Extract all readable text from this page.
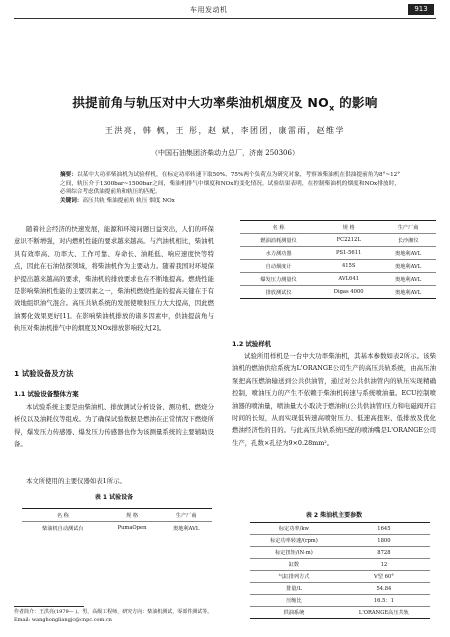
车用发动机	913
拱提前角与轨压对中大功率柴油机烟度及 $NO_x$ 的影响
王洪亮，韩 枫，王 彤，赵 斌，李团团，康雷雨，赵维学
（中国石油集团济柴动力总厂，济南 250306）
摘要：以某中大功率柴油机为试验样机，在标定功率转速下取50%、75%两个负荷点为研究对象，考察该柴油机在供油提前角为8°~12°之间，轨压介于1300bar~1500bar之间，柴油机排气中烟度和NOx的变化情况。试验结果表明，在控制柴油机的烟度和NOx排放时，必须综合考虑供油提前角和轨压的匹配。
关键词：高压共轨 柴油提前角 轨压 烟度 NOx
随着社会经济的快速发展，能源和环境问题日益突出，人们的环保意识不断增强，对内燃机性能的要求越来越高。与汽油机相比，柴油机具有效率高、功率大、工作可靠、寿命长、油耗低、响应速度快等特点，因此在石油钻探领域，将柴油机作为主要动力。随着我国对环境保护提出越来越高的要求，柴油机的排放要求也在不断地提高。燃烧性能是影响柴油机性能的主要因素之一，柴油机燃烧性能的提高关键在于有效地组织油气混合。高压共轨系统的发展使喷射压力大大提高，因此燃油雾化效果更好[1]。在影响柴油机排放的诸多因素中，供油提前角与轨压对柴油机排气中的烟度及NOx排放影响较大[2]。
1 试验设备及方法
1.1 试验设备整体方案
本试验系统主要是由柴油机、排放测试分析设备、测功机、燃烧分析仪以及油耗仪等组成。为了确保试验数据是燃油在正常情况下燃烧所得，爆发压力传感器、爆发压力传感器也作为该测量系统的主要辅助设备。
本文所使用的主要仪器如表1所示。
表 1 试验设备
名 称	规 格	生产厂商
柴油机自动测试台	PumaOpen	奥地利AVL
作者简介：王洪亮(1979— )，男，高级工程师，研究方向：柴油机测试，零部件测试等。
Email: wanghongliangjc@cnpc.com.cn
名 称	规 格	生产厂商
燃油消耗测量仪	FC2212L	长沙湘仪
水力测功器	PS1-5611	奥地利AVL
自动烟度计	415S	奥地利AVL
爆发压力测量仪	AVL641	奥地利AVL
排放测试仪	Digas 4000	奥地利AVL
1.2 试验样机
试验所用样机是一台中大功率柴油机，其基本参数如表2所示。该柴油机的燃油供给系统为L'ORANGE公司生产的高压共轨系统，由高压油泵把高压燃油输送到公共供油管，通过对公共供油管内的轨压实现精确控制，喷油压力的产生不依赖于柴油机转速与系统喷油量。ECU控制喷油器的喷油量，喷油量大小取决于燃油轨(公共供油管)压力和电磁阀开启时间的长短，从而实现低转速高喷射压力、低速高扭矩、低排放及优化燃油经济性的目的。与此高压共轨系统匹配的喷油嘴是L'ORANGE公司生产，孔数×孔径为9×0.28mm²。
表 2 柴油机主要参数
标定功率/kw	1645
标定功率转速/(rpm)	1800
标定扭矩/(N·m)	8728
缸数	12
气缸排列方式	V型 60°
排量/L	54.84
压缩比	16.5：1
供油系统	L'ORANGE高压共轨
